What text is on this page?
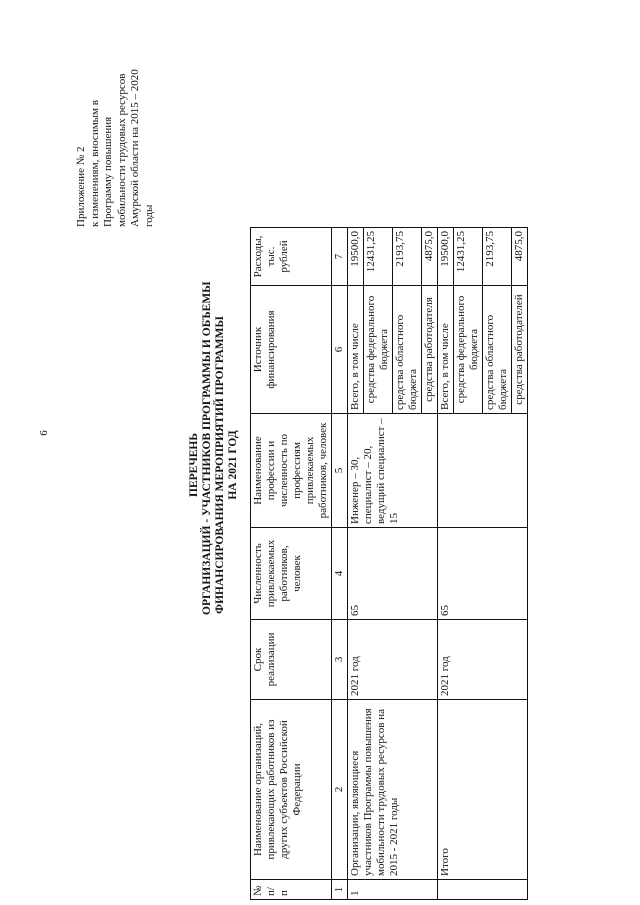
6
Приложение № 2 к изменениям, вносимым в Программу повышения мобильности трудовых ресурсов Амурской области на 2015 – 2020 годы
ПЕРЕЧЕНЬ ОРГАНИЗАЦИЙ - УЧАСТНИКОВ ПРОГРАММЫ И ОБЪЕМЫ ФИНАНСИРОВАНИЯ МЕРОПРИЯТИЙ ПРОГРАММЫ НА 2021 ГОД
№ п/п	Наименование организаций, привлекающих работников из других субъектов Российской Федерации	Срок реализации	Численность привлекаемых работников, человек	Наименование профессии и численность по профессиям привлекаемых работников, человек	Источник финансирования	Расходы, тыс. рублей
1	2	3	4	5	6	7
1	Организации, являющиеся участников Программы повышения мобильности трудовых ресурсов на 2015 - 2021 годы	2021 год	65	Инженер – 30, специалист – 20, ведущий специалист – 15	Всего, в том числе	19500,0
					средства федерального бюджета	12431,25
					средства областного бюджета	2193,75
					средства работодателя	4875,0
	Итого	2021 год	65		Всего, в том числе	19500,0
					средства федерального бюджета	12431,25
					средства областного бюджета	2193,75
					средства работодателей	4875,0
